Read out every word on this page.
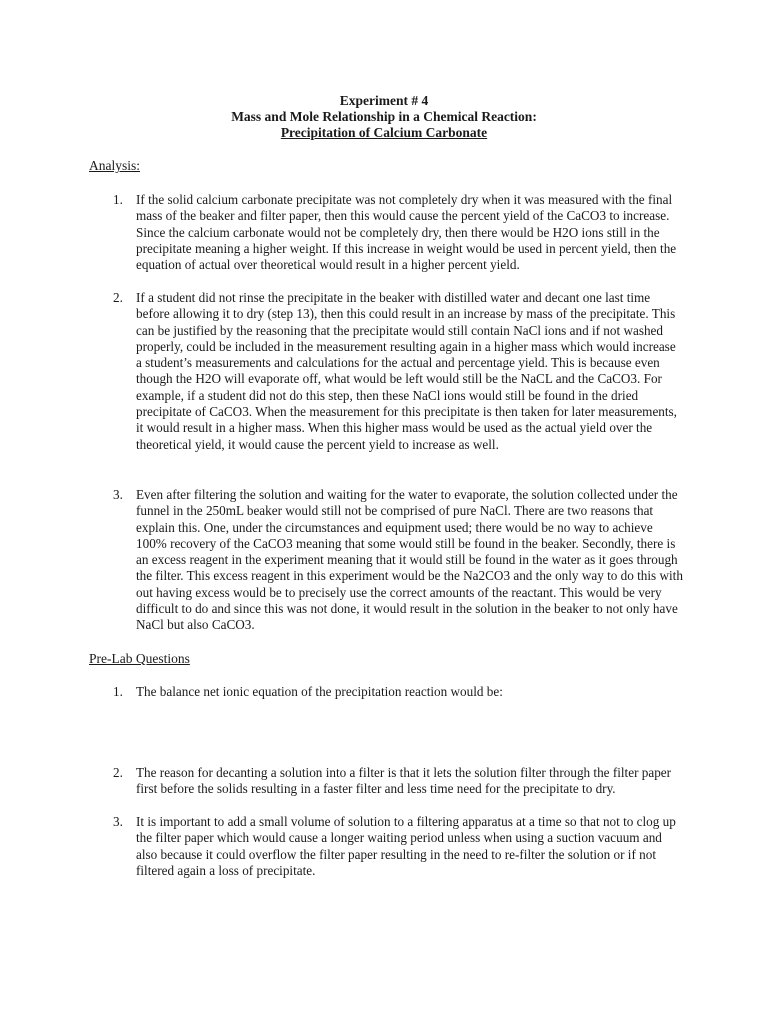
Experiment # 4
Mass and Mole Relationship in a Chemical Reaction:
Precipitation of Calcium Carbonate
Analysis:
1. If the solid calcium carbonate precipitate was not completely dry when it was measured with the final mass of the beaker and filter paper, then this would cause the percent yield of the CaCO3 to increase. Since the calcium carbonate would not be completely dry, then there would be H2O ions still in the precipitate meaning a higher weight. If this increase in weight would be used in percent yield, then the equation of actual over theoretical would result in a higher percent yield.
2. If a student did not rinse the precipitate in the beaker with distilled water and decant one last time before allowing it to dry (step 13), then this could result in an increase by mass of the precipitate. This can be justified by the reasoning that the precipitate would still contain NaCl ions and if not washed properly, could be included in the measurement resulting again in a higher mass which would increase a student’s measurements and calculations for the actual and percentage yield. This is because even though the H2O will evaporate off, what would be left would still be the NaCL and the CaCO3. For example, if a student did not do this step, then these NaCl ions would still be found in the dried precipitate of CaCO3. When the measurement for this precipitate is then taken for later measurements, it would result in a higher mass. When this higher mass would be used as the actual yield over the theoretical yield, it would cause the percent yield to increase as well.
3. Even after filtering the solution and waiting for the water to evaporate, the solution collected under the funnel in the 250mL beaker would still not be comprised of pure NaCl. There are two reasons that explain this. One, under the circumstances and equipment used; there would be no way to achieve 100% recovery of the CaCO3 meaning that some would still be found in the beaker. Secondly, there is an excess reagent in the experiment meaning that it would still be found in the water as it goes through the filter. This excess reagent in this experiment would be the Na2CO3 and the only way to do this with out having excess would be to precisely use the correct amounts of the reactant. This would be very difficult to do and since this was not done, it would result in the solution in the beaker to not only have NaCl but also CaCO3.
Pre-Lab Questions
1. The balance net ionic equation of the precipitation reaction would be:
2. The reason for decanting a solution into a filter is that it lets the solution filter through the filter paper first before the solids resulting in a faster filter and less time need for the precipitate to dry.
3. It is important to add a small volume of solution to a filtering apparatus at a time so that not to clog up the filter paper which would cause a longer waiting period unless when using a suction vacuum and also because it could overflow the filter paper resulting in the need to re-filter the solution or if not filtered again a loss of precipitate.
